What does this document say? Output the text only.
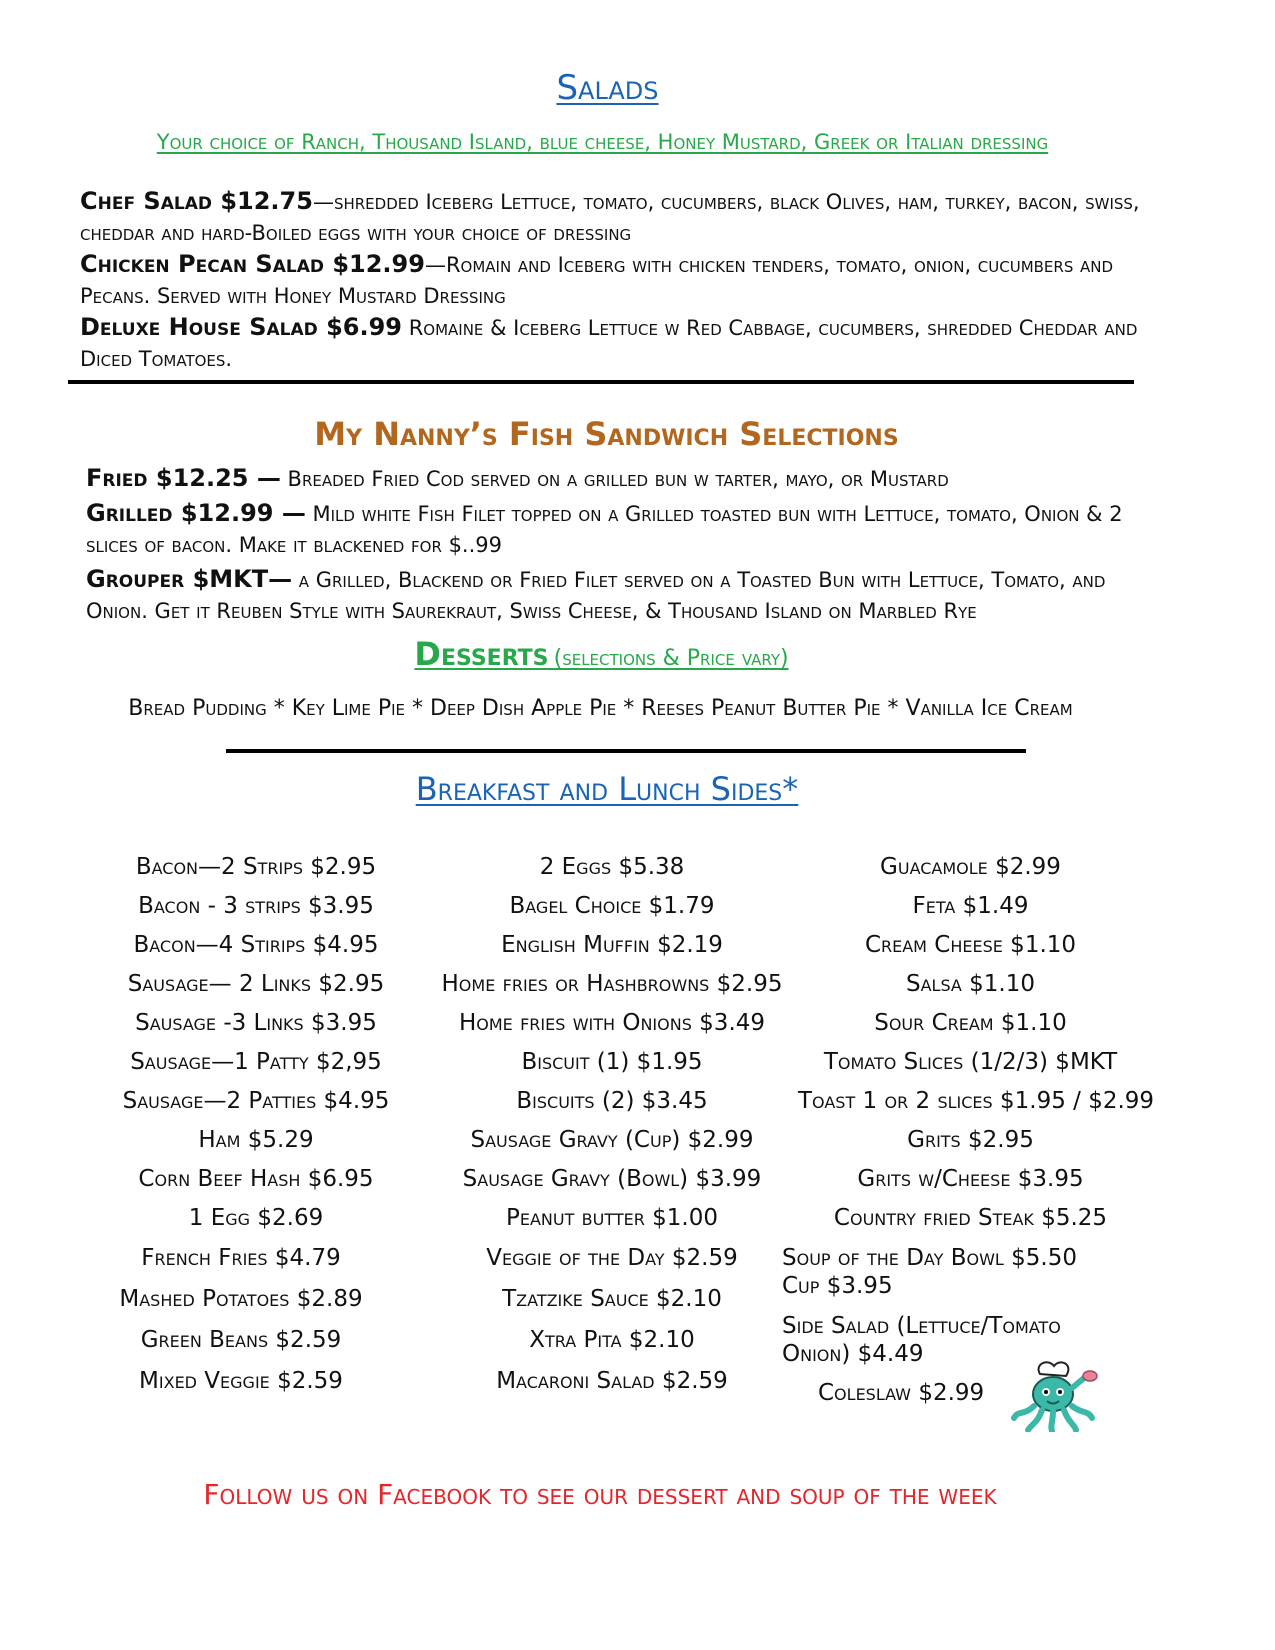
Salads
Your choice of Ranch, Thousand Island, blue cheese, Honey Mustard, Greek or Italian dressing
Chef Salad $12.75—shredded Iceberg Lettuce, tomato, cucumbers, black Olives, ham, turkey, bacon, swiss, cheddar and hard-Boiled eggs with your choice of dressing
Chicken Pecan Salad $12.99—Romain and Iceberg with chicken tenders, tomato, onion, cucumbers and Pecans. Served with Honey Mustard Dressing
Deluxe House Salad $6.99 Romaine & Iceberg Lettuce w Red Cabbage, cucumbers, shredded Cheddar and Diced Tomatoes.
My Nanny’s Fish Sandwich Selections
Fried $12.25 — Breaded Fried Cod served on a grilled bun w tarter, mayo, or Mustard
Grilled $12.99 — Mild white Fish Filet topped on a Grilled toasted bun with Lettuce, tomato, Onion & 2 slices of bacon. Make it blackened for $..99
Grouper $MKT— a Grilled, Blackend or Fried Filet served on a Toasted Bun with Lettuce, Tomato, and Onion. Get it Reuben Style with Saurekraut, Swiss Cheese, & Thousand Island on Marbled Rye
Desserts (selections & Price vary)
Bread Pudding * Key Lime Pie * Deep Dish Apple Pie * Reeses Peanut Butter Pie * Vanilla Ice Cream
Breakfast and Lunch Sides*
Bacon—2 Strips $2.95
Bacon - 3 strips $3.95
Bacon—4 Stirips $4.95
Sausage— 2 Links $2.95
Sausage -3 Links $3.95
Sausage—1 Patty $2,95
Sausage—2 Patties $4.95
Ham $5.29
Corn Beef Hash $6.95
1 Egg $2.69
2 Eggs $5.38
Bagel Choice $1.79
English Muffin $2.19
Home fries or Hashbrowns $2.95
Home fries with Onions $3.49
Biscuit (1) $1.95
Biscuits (2) $3.45
Sausage Gravy (Cup) $2.99
Sausage Gravy (Bowl) $3.99
Peanut butter $1.00
Guacamole $2.99
Feta $1.49
Cream Cheese $1.10
Salsa $1.10
Sour Cream $1.10
Tomato Slices (1/2/3) $MKT
Toast 1 or 2 slices $1.95 / $2.99
Grits $2.95
Grits w/Cheese $3.95
Country fried Steak $5.25
French Fries $4.79
Mashed Potatoes $2.89
Green Beans $2.59
Mixed Veggie $2.59
Veggie of the Day $2.59
Tzatzike Sauce $2.10
Xtra Pita $2.10
Macaroni Salad $2.59
Soup of the Day Bowl $5.50
Cup $3.95
Side Salad (Lettuce/Tomato
Onion) $4.49
Coleslaw $2.99
Follow us on Facebook to see our dessert and soup of the week
